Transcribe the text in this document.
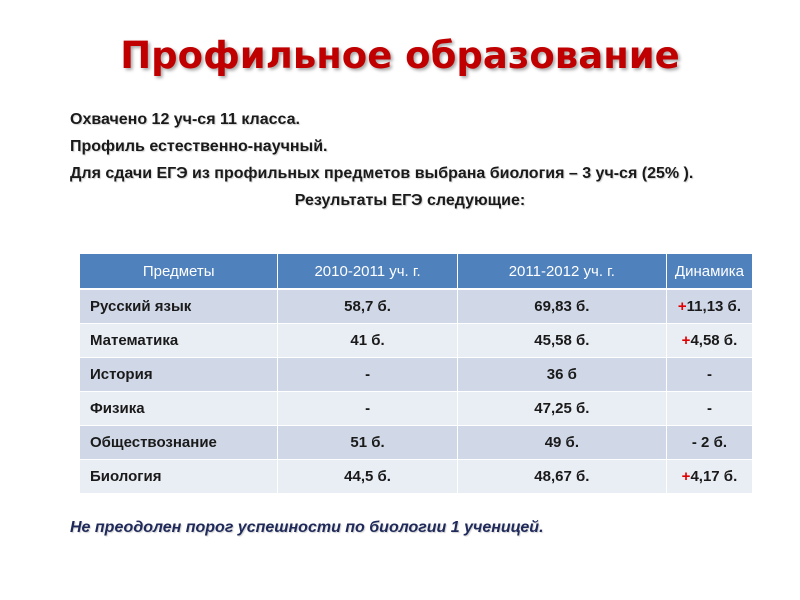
Профильное образование

Охвачено 12 уч-ся 11 класса.

Профиль естественно-научный.

Для сдачи ЕГЭ из профильных предметов выбрана биология – 3 уч-ся (25% ).

Результаты ЕГЭ следующие:

Предметы	2010-2011 уч. г.	2011-2012 уч. г.	Динамика
Русский язык	58,7 б.	69,83 б.	+11,13 б.
Математика	41 б.	45,58 б.	+4,58 б.
История	-	36 б	-
Физика	-	47,25 б.	-
Обществознание	51 б.	49 б.	- 2 б.
Биология	44,5 б.	48,67 б.	+4,17 б.
Не преодолен порог успешности по биологии 1 ученицей.
